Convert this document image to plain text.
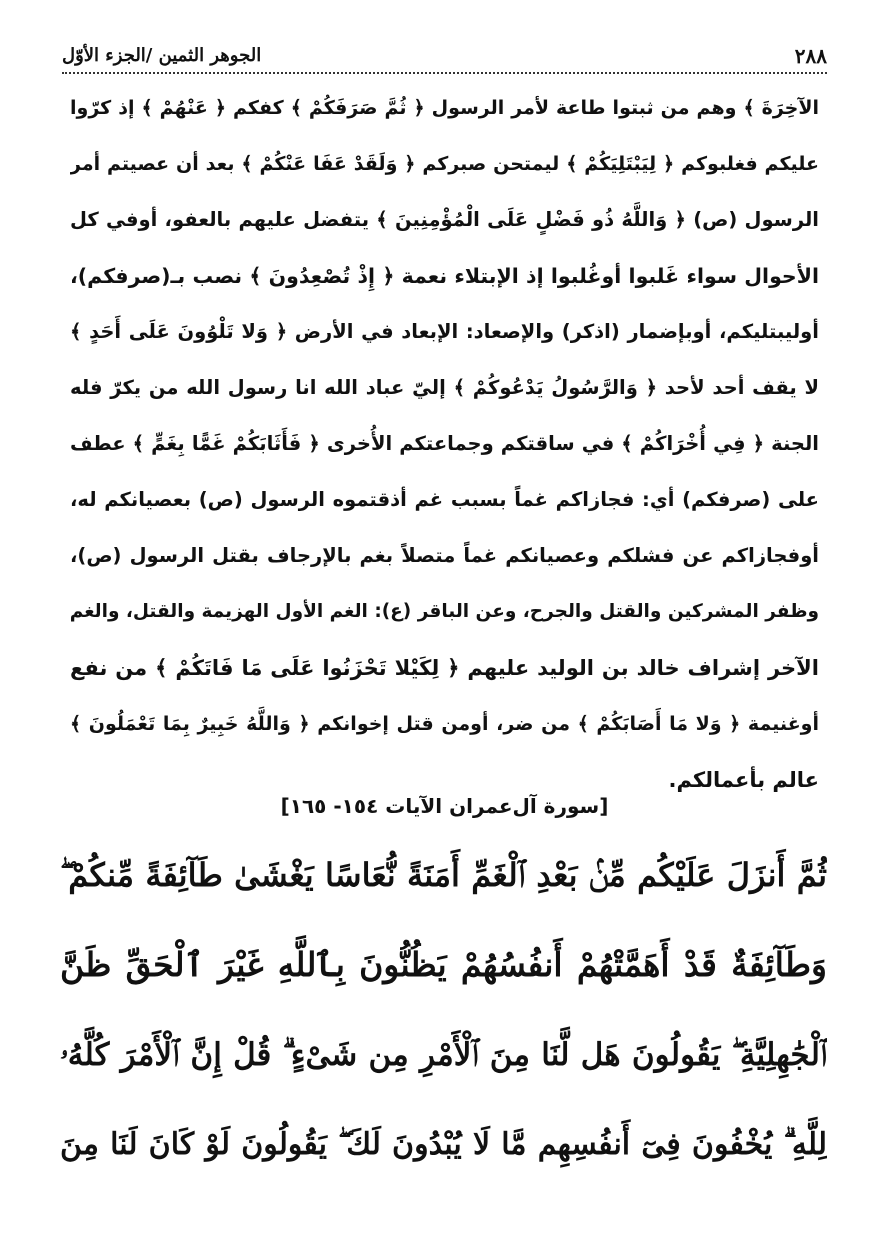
٢٨٨
الجوهر الثمين /الجزء الأوّل
الآخِرَةَ ﴾ وهم من ثبتوا طاعة لأمر الرسول ﴿ ثُمَّ صَرَفَكُمْ ﴾ كفكم ﴿ عَنْهُمْ ﴾ إذ كرّوا
عليكم فغلبوكم ﴿ لِيَبْتَلِيَكُمْ ﴾ ليمتحن صبركم ﴿ وَلَقَدْ عَفَا عَنْكُمْ ﴾ بعد أن عصيتم أمر
الرسول (ص) ﴿ وَاللَّهُ ذُو فَضْلٍ عَلَى الْمُؤْمِنِينَ ﴾ يتفضل عليهم بالعفو، أوفي كل
الأحوال سواء غَلبوا أوغُلبوا إذ الإبتلاء نعمة ﴿ إِذْ تُصْعِدُونَ ﴾ نصب بـ(صرفكم)،
أوليبتليكم، أوبإضمار (اذكر) والإصعاد: الإبعاد في الأرض ﴿ وَلا تَلْوُونَ عَلَى أَحَدٍ ﴾
لا يقف أحد لأحد ﴿ وَالرَّسُولُ يَدْعُوكُمْ ﴾ إليّ عباد الله انا رسول الله من يكرّ فله
الجنة ﴿ فِي أُخْرَاكُمْ ﴾ في ساقتكم وجماعتكم الأُخرى ﴿ فَأَثَابَكُمْ غَمًّا بِغَمٍّ ﴾ عطف
على (صرفكم) أي: فجازاكم غماً بسبب غم أذقتموه الرسول (ص) بعصيانكم له،
أوفجازاكم عن فشلكم وعصيانكم غماً متصلاً بغم بالإرجاف بقتل الرسول (ص)،
وظفر المشركين والقتل والجرح، وعن الباقر (ع): الغم الأول الهزيمة والقتل، والغم
الآخر إشراف خالد بن الوليد عليهم ﴿ لِكَيْلا تَحْزَنُوا عَلَى مَا فَاتَكُمْ ﴾ من نفع
أوغنيمة ﴿ وَلا مَا أَصَابَكُمْ ﴾ من ضر، أومن قتل إخوانكم ﴿ وَاللَّهُ خَبِيرٌ بِمَا تَعْمَلُونَ ﴾
عالم بأعمالكم.
[سورة آل‌عمران الآيات ١٥٤- ١٦٥]
ثُمَّ أَنزَلَ عَلَيْكُم مِّنۢ بَعْدِ ٱلْغَمِّ أَمَنَةً نُّعَاسًا يَغْشَىٰ طَآئِفَةً مِّنكُمْ ۖ
وَطَآئِفَةٌ قَدْ أَهَمَّتْهُمْ أَنفُسُهُمْ يَظُنُّونَ بِٱللَّهِ غَيْرَ ٱلْحَقِّ ظَنَّ
ٱلْجَٰهِلِيَّةِ ۖ يَقُولُونَ هَل لَّنَا مِنَ ٱلْأَمْرِ مِن شَىْءٍ ۗ قُلْ إِنَّ ٱلْأَمْرَ كُلَّهُۥ
لِلَّهِ ۗ يُخْفُونَ فِىٓ أَنفُسِهِم مَّا لَا يُبْدُونَ لَكَ ۖ يَقُولُونَ لَوْ كَانَ لَنَا مِنَ
